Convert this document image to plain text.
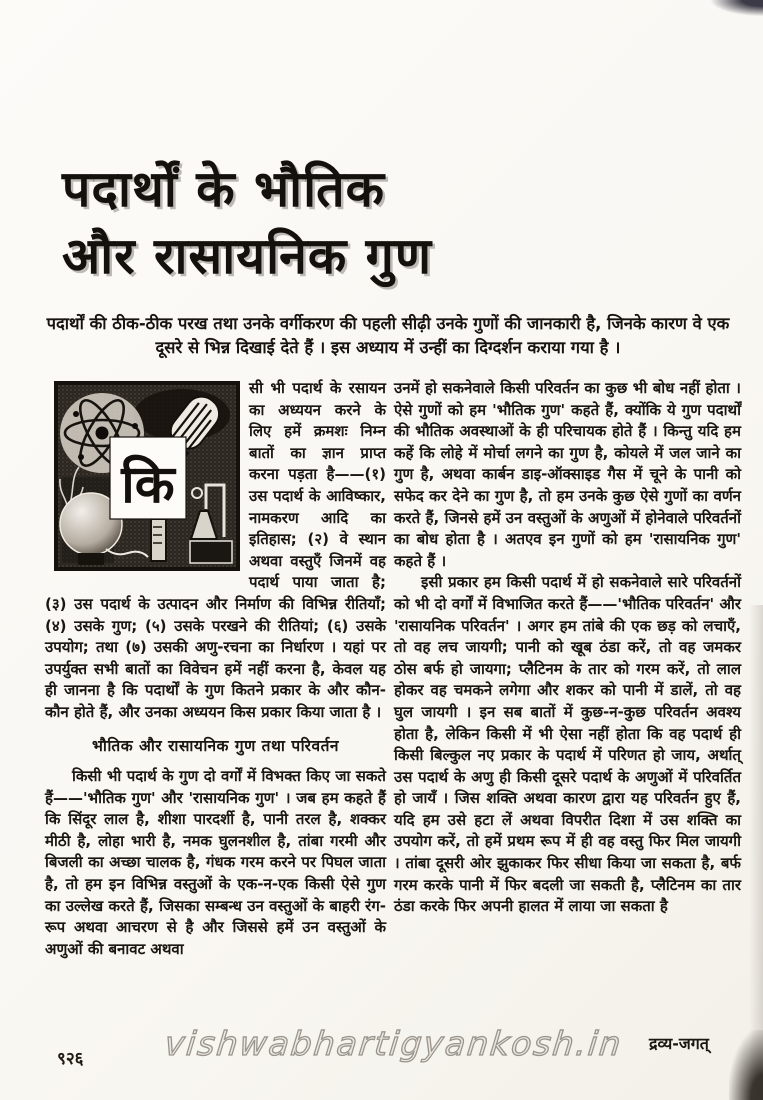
पदार्थों के भौतिक
और रासायनिक गुण
पदार्थों की ठीक-ठीक परख तथा उनके वर्गीकरण की पहली सीढ़ी उनके गुणों की जानकारी है, जिनके कारण वे एक दूसरे से भिन्न दिखाई देते हैं । इस अध्याय में उन्हीं का दिग्दर्शन कराया गया है ।
कि

सी भी पदार्थ के रसायन का अध्ययन करने के लिए हमें क्रमशः निम्न बातों का ज्ञान प्राप्त करना पड़ता है——(१) उस पदार्थ के आविष्कार, नामकरण आदि का इतिहास; (२) वे स्थान अथवा वस्तुएँ जिनमें वह पदार्थ पाया जाता है; (३) उस पदार्थ के उत्पादन और निर्माण की विभिन्न रीतियाँ; (४) उसके गुण; (५) उसके परखने की रीतियां; (६) उसके उपयोग; तथा (७) उसकी अणु-रचना का निर्धारण । यहां पर उपर्युक्त सभी बातों का विवेचन हमें नहीं करना है, केवल यह ही जानना है कि पदार्थों के गुण कितने प्रकार के और कौन-कौन होते हैं, और उनका अध्ययन किस प्रकार किया जाता है ।

भौतिक और रासायनिक गुण तथा परिवर्तन

किसी भी पदार्थ के गुण दो वर्गों में विभक्त किए जा सकते हैं——'भौतिक गुण' और 'रासायनिक गुण' । जब हम कहते हैं कि सिंदूर लाल है, शीशा पारदर्शी है, पानी तरल है, शक्कर मीठी है, लोहा भारी है, नमक घुलनशील है, तांबा गरमी और बिजली का अच्छा चालक है, गंधक गरम करने पर पिघल जाता है, तो हम इन विभिन्न वस्तुओं के एक-न-एक किसी ऐसे गुण का उल्लेख करते हैं, जिसका सम्बन्ध उन वस्तुओं के बाहरी रंग-रूप अथवा आचरण से है और जिससे हमें उन वस्तुओं के अणुओं की बनावट अथवा

उनमें हो सकनेवाले किसी परिवर्तन का कुछ भी बोध नहीं होता । ऐसे गुणों को हम 'भौतिक गुण' कहते हैं, क्योंकि ये गुण पदार्थों की भौतिक अवस्थाओं के ही परिचायक होते हैं । किन्तु यदि हम कहें कि लोहे में मोर्चा लगने का गुण है, कोयले में जल जाने का गुण है, अथवा कार्बन डाइ-ऑक्साइड गैस में चूने के पानी को सफेद कर देने का गुण है, तो हम उनके कुछ ऐसे गुणों का वर्णन करते हैं, जिनसे हमें उन वस्तुओं के अणुओं में होनेवाले परिवर्तनों का बोध होता है । अतएव इन गुणों को हम 'रासायनिक गुण' कहते हैं ।

इसी प्रकार हम किसी पदार्थ में हो सकनेवाले सारे परिवर्तनों को भी दो वर्गों में विभाजित करते हैं——'भौतिक परिवर्तन' और 'रासायनिक परिवर्तन' । अगर हम तांबे की एक छड़ को लचाएँ, तो वह लच जायगी; पानी को खूब ठंडा करें, तो वह जमकर ठोस बर्फ हो जायगा; प्लैटिनम के तार को गरम करें, तो लाल होकर वह चमकने लगेगा और शकर को पानी में डालें, तो वह घुल जायगी । इन सब बातों में कुछ-न-कुछ परिवर्तन अवश्य होता है, लेकिन किसी में भी ऐसा नहीं होता कि वह पदार्थ ही किसी बिल्कुल नए प्रकार के पदार्थ में परिणत हो जाय, अर्थात् उस पदार्थ के अणु ही किसी दूसरे पदार्थ के अणुओं में परिवर्तित हो जायँ । जिस शक्ति अथवा कारण द्वारा यह परिवर्तन हुए हैं, यदि हम उसे हटा लें अथवा विपरीत दिशा में उस शक्ति का उपयोग करें, तो हमें प्रथम रूप में ही वह वस्तु फिर मिल जायगी । तांबा दूसरी ओर झुकाकर फिर सीधा किया जा सकता है, बर्फ गरम करके पानी में फिर बदली जा सकती है, प्लैटिनम का तार ठंडा करके फिर अपनी हालत में लाया जा सकता है

vishwabhartigyankosh.in
९२६
द्रव्य-जगत्
